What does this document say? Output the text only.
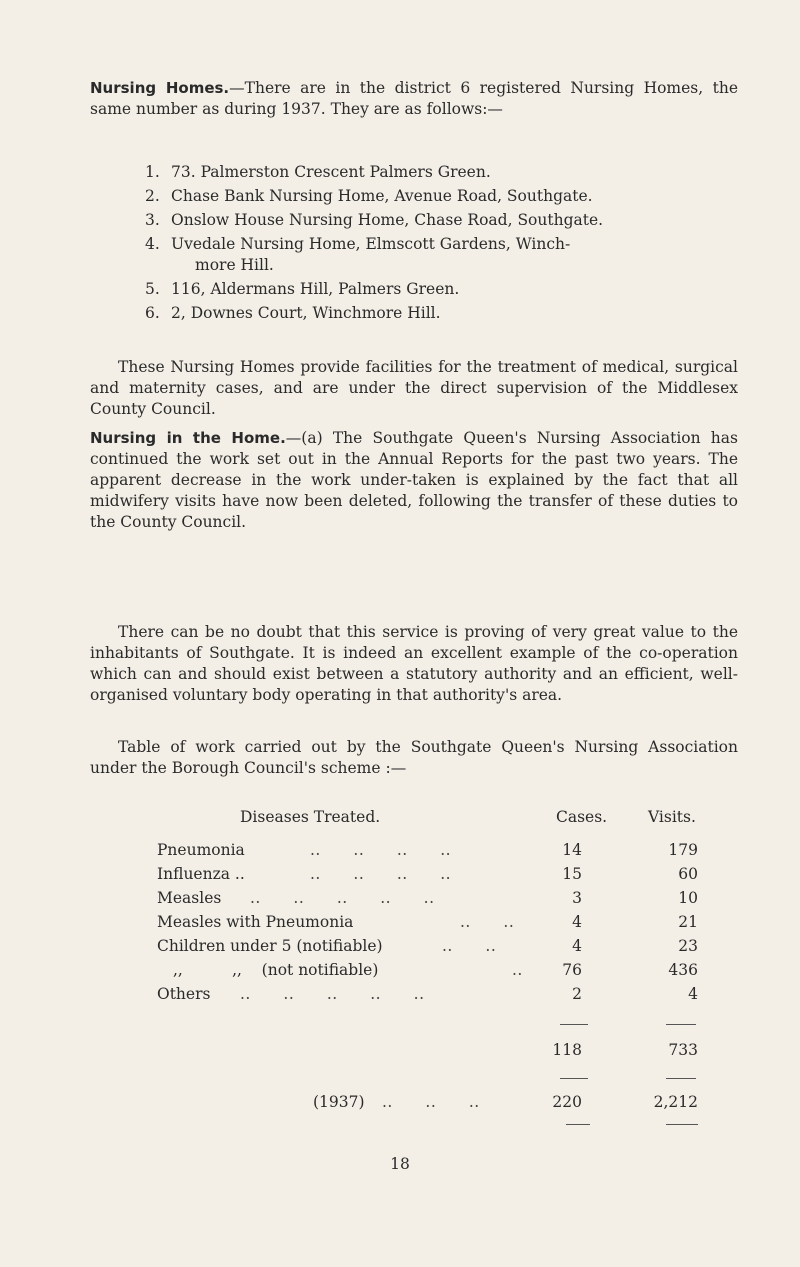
Nursing Homes.—There are in the district 6 registered Nursing Homes, the same number as during 1937. They are as follows:—

1. 73. Palmerston Crescent Palmers Green.
2. Chase Bank Nursing Home, Avenue Road, Southgate.
3. Onslow House Nursing Home, Chase Road, Southgate.
4. Uvedale Nursing Home, Elmscott Gardens, Winch-
more Hill.
5. 116, Aldermans Hill, Palmers Green.
6. 2, Downes Court, Winchmore Hill.

These Nursing Homes provide facilities for the treatment of medical, surgical and maternity cases, and are under the direct supervision of the Middlesex County Council.

Nursing in the Home.—(a) The Southgate Queen's Nursing Association has continued the work set out in the Annual Reports for the past two years. The apparent decrease in the work under-taken is explained by the fact that all midwifery visits have now been deleted, following the transfer of these duties to the County Council.

There can be no doubt that this service is proving of very great value to the inhabitants of Southgate. It is indeed an excellent example of the co-operation which can and should exist between a statutory authority and an efficient, well-organised voluntary body operating in that authority's area.

Table of work carried out by the Southgate Queen's Nursing Association under the Borough Council's scheme :—

Diseases Treated.	Cases.	Visits.
Pneumonia	..      ..      ..      ..	14	179
Influenza ..	..      ..      ..      ..	15	60
Measles ..      ..      ..      ..      ..	3	10
Measles with Pneumonia	..      ..	4	21
Children under 5 (notifiable)	..      ..	4	23
,,          ,,    (not notifiable)	..	76	436
Others ..      ..      ..      ..      ..	2	4
118	733
(1937) ..      ..      ..	220	2,212
18
